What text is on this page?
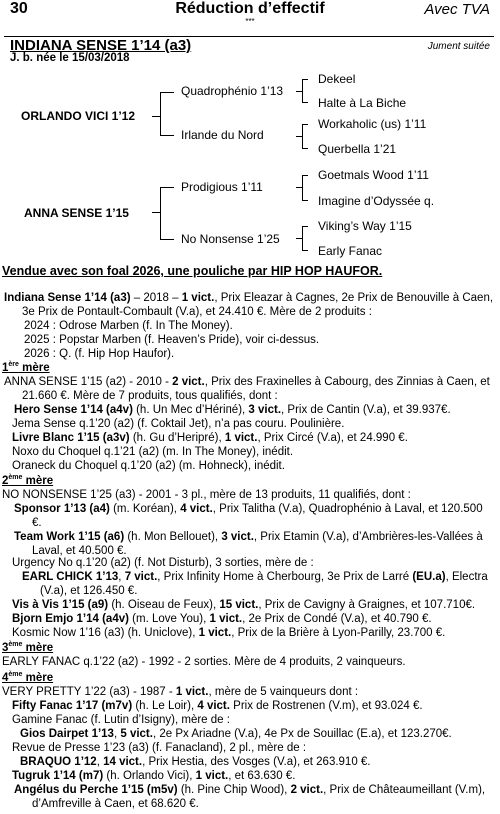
30	Réduction d’effectif
***
Avec TVA
INDIANA SENSE 1’14 (a3)	Jument suitée
J. b. née le 15/03/2018
ORLANDO VICI 1’12
ANNA SENSE 1’15
Quadrophénio 1’13
Irlande du Nord
Prodigious 1’11
No Nonsense 1’25
Dekeel
Halte à La Biche
Workaholic (us) 1’11
Querbella 1’21
Goetmals Wood 1’11
Imagine d’Odyssée q.
Viking’s Way 1’15
Early Fanac
Vendue avec son foal 2026, une pouliche par HIP HOP HAUFOR.
Indiana Sense 1’14 (a3) – 2018 – 1 vict., Prix Eleazar à Cagnes, 2e Prix de Benouville à Caen, 3e Prix de Pontault-Combault (V.a), et 24.410 €. Mère de 2 produits :
2024 : Odrose Marben (f. In The Money).
2025 : Popstar Marben (f. Heaven’s Pride), voir ci-dessus.
2026 : Q. (f. Hip Hop Haufor).
1ère mère
ANNA SENSE 1’15 (a2) - 2010 - 2 vict., Prix des Fraxinelles à Cabourg, des Zinnias à Caen, et 21.660 €. Mère de 7 produits, tous qualifiés, dont :
Hero Sense 1’14 (a4v) (h. Un Mec d’Hériпé), 3 vict., Prix de Cantin (V.a), et 39.937€.
Jema Sense q.1’20 (a2) (f. Coktail Jet), n’a pas couru. Poulinière.
Livre Blanc 1’15 (a3v) (h. Gu d’Heripré), 1 vict., Prix Circé (V.a), et 24.990 €.
Noxo du Choquel q.1’21 (a2) (m. In The Money), inédit.
Oraneck du Choquel q.1’20 (a2) (m. Hohneck), inédit.
2ème mère
NO NONSENSE 1’25 (a3) - 2001 - 3 pl., mère de 13 produits, 11 qualifiés, dont :
Sponsor 1’13 (a4) (m. Koréan), 4 vict., Prix Talitha (V.a), Quadrophénio à Laval, et 120.500 €.
Team Work 1’15 (a6) (h. Mon Bellouet), 3 vict., Prix Etamin (V.a), d’Ambrières-les-Vallées à Laval, et 40.500 €.
Urgency No q.1’20 (a2) (f. Not Disturb), 3 sorties, mère de :
EARL CHICK 1’13, 7 vict., Prix Infinity Home à Cherbourg, 3e Prix de Larré (EU.a), Electra (V.a), et 126.450 €.
Vis à Vis 1’15 (a9) (h. Oiseau de Feux), 15 vict., Prix de Cavigny à Graignes, et 107.710€.
Bjorn Emjo 1’14 (a4v) (m. Love You), 1 vict., 2e Prix de Condé (V.a), et 40.790 €.
Kosmic Now 1’16 (a3) (h. Uniclove), 1 vict., Prix de la Brière à Lyon-Parilly, 23.700 €.
3ème mère
EARLY FANAC q.1’22 (a2) - 1992 - 2 sorties. Mère de 4 produits, 2 vainqueurs.
4ème mère
VERY PRETTY 1’22 (a3) - 1987 - 1 vict., mère de 5 vainqueurs dont :
Fifty Fanac 1’17 (m7v) (h. Le Loir), 4 vict. Prix de Rostrenen (V.m), et 93.024 €.
Gamine Fanac (f. Lutin d’Isigny), mère de :
Gios Dairpet 1’13, 5 vict., 2e Px Ariadne (V.a), 4e Px de Souillac (E.a), et 123.270€.
Revue de Presse 1’23 (a3) (f. Fanacland), 2 pl., mère de :
BRAQUO 1’12, 14 vict., Prix Hestia, des Vosges (V.a), et 263.910 €.
Tugruk 1’14 (m7) (h. Orlando Vici), 1 vict., et 63.630 €.
Angélus du Perche 1’15 (m5v) (h. Pine Chip Wood), 2 vict., Prix de Châteaumeillant (V.m), d’Amfreville à Caen, et 68.620 €.
